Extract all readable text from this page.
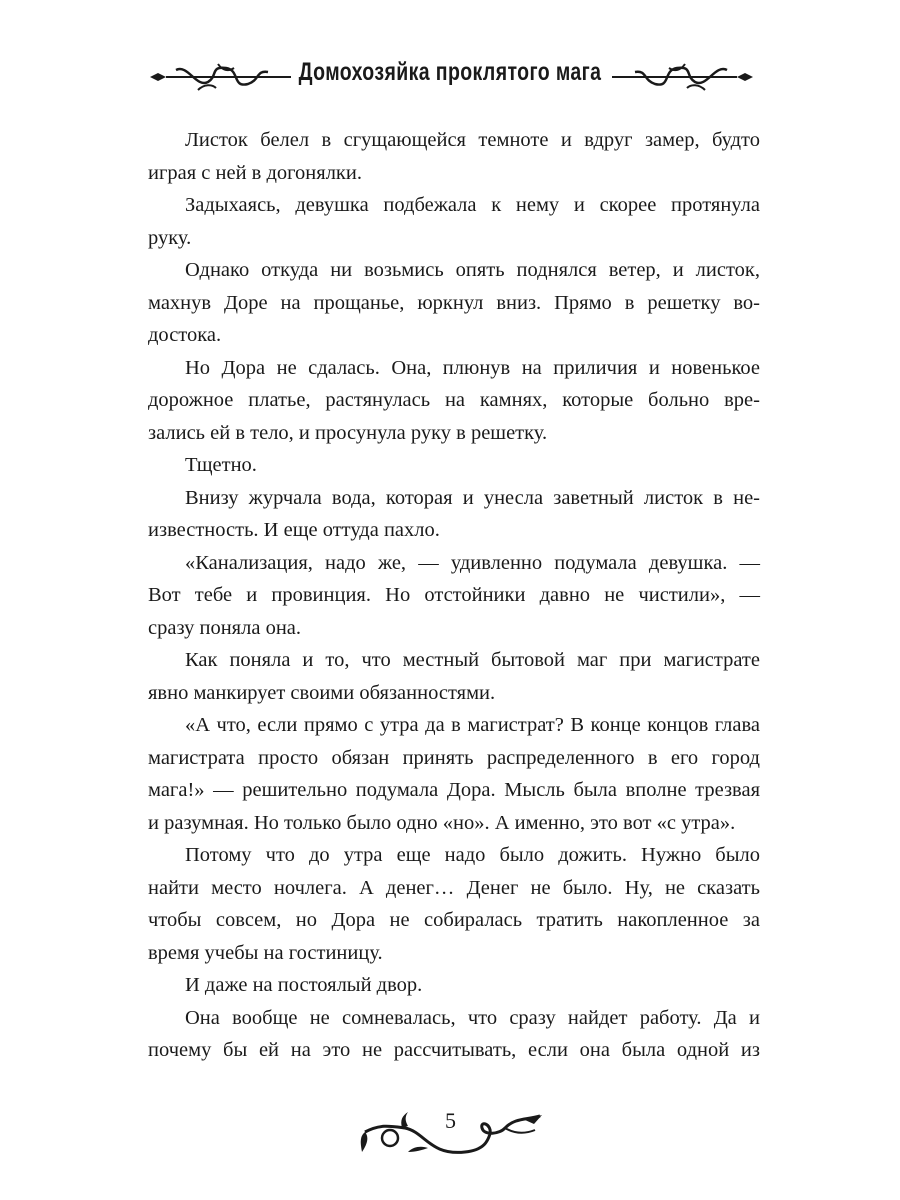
Домохозяйка проклятого мага
Листок белел в сгущающейся темноте и вдруг замер, будто
играя с ней в догонялки.
Задыхаясь, девушка подбежала к нему и скорее протянула
руку.
Однако откуда ни возьмись опять поднялся ветер, и листок,
махнув Доре на прощанье, юркнул вниз. Прямо в решетку во-
достока.
Но Дора не сдалась. Она, плюнув на приличия и новенькое
дорожное платье, растянулась на камнях, которые больно вре-
зались ей в тело, и просунула руку в решетку.
Тщетно.
Внизу журчала вода, которая и унесла заветный листок в не-
известность. И еще оттуда пахло.
«Канализация, надо же, — удивленно подумала девушка. —
Вот тебе и провинция. Но отстойники давно не чистили», —
сразу поняла она.
Как поняла и то, что местный бытовой маг при магистрате
явно манкирует своими обязанностями.
«А что, если прямо с утра да в магистрат? В конце концов глава
магистрата просто обязан принять распределенного в его город
мага!» — решительно подумала Дора. Мысль была вполне трезвая
и разумная. Но только было одно «но». А именно, это вот «с утра».
Потому что до утра еще надо было дожить. Нужно было
найти место ночлега. А денег… Денег не было. Ну, не сказать
чтобы совсем, но Дора не собиралась тратить накопленное за
время учебы на гостиницу.
И даже на постоялый двор.
Она вообще не сомневалась, что сразу найдет работу. Да и
почему бы ей на это не рассчитывать, если она была одной из
5
